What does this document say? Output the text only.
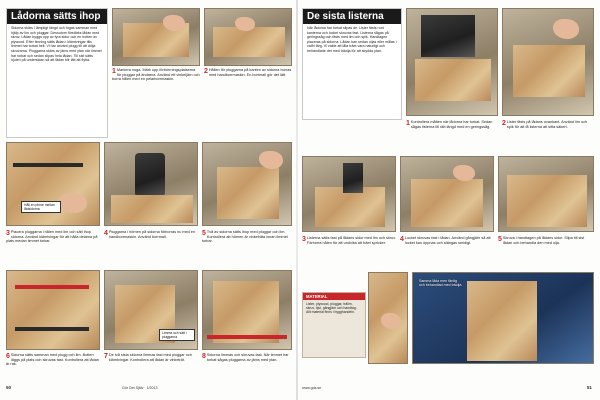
Lådorna sätts ihop

Sidorna skärs i lämpligt längd och fogas samman med hjälp av lim och pluggar. Dessutom förstärks lådan med skruv. Lådan byggs upp av fyra sidor och en botten av plywood. Efter limning sätts lådan i klämtvingar tills limmet har torkat helt. Vi har använt plugg till att dölja skruvarna. Pluggarna skärs av jäms med ytan när limmet har torkat och sedan slipas hela lådan. Till sist sätts hjulen på undersidan så att lådan blir lätt att flytta.

1 Markera noga. Märk upp förborrningsplatserna för pluggar på ändarna. Använd ett vinkeljärn och borra hålen med en pelarborrmaskin.
2 Hållen för pluggarna på kanten av sidorna borras med handborrmaskin. En borrmall gör det lätt.
Håll en pinne mellan lådsidorna
3 Placera pluggarna i hålen med lim och sätt ihop sidorna. Använd klämtvingar för att hålla delarna på plats medan limmet torkar.
4 Pluggarna i hörnen på sidorna förborras nu med en handborrmaskin. Använd borrmall.	5 Två av sidorna sätts ihop med pluggar och lim. Kontrollera att hörnen är vinkelräta innan limmet torkar.
Limma och sätt i pluggarna
6 Sidorna sätts samman med plugg och lim. Botten läggs på plats och skruvas fast. Kontrollera att lådan är rak.
7 De två sista sidorna limmas fast med pluggar och klämtvingar. Kontrollera att lådan är vinkelrät.	8 Sidorna limmas och skruvas fast. När limmet har torkat sågas pluggarna av jäms med ytan.
50	Gör Det Själv · 1/2013
De sista listerna

När lådorna har torkat slipas de. Lister fästs runt kanterna och locket skruvas fast. Listerna sågas på geringssåg och fästs med lim och spik. Handtagen placeras på sidorna. Lådan kan sedan oljas eller målas i valfri färg. Vi valde att låta träet vara naturligt och behandlade det med träolja för att skydda ytan.

1 Kontrollera måtten när lådorna har torkat. Sedan sågas listerna till rätt längd med en geringssåg.	2 Lister fästs på lådans ovankant. Använd lim och spik för att få listerna att sitta säkert.
3 Listerna sätts fast på lådans sidor med lim och skruv. Förborra hålen för att undvika att träet spricker.	4 Locket skruvas fast i lådan. Använd gångjärn så att locket kan öppnas och stängas smidigt.	5 Skruva i handtagen på lådans sidor. Slipa till sist lådan och behandla den med olja.
MATERIAL

Lister, plywood, pluggar, trälim, skruv, hjul, gångjärn och handtag. Allt material finns i bygghandeln.

Samma låda men färdig och behandlad med träolja.
www.gds.se	51
